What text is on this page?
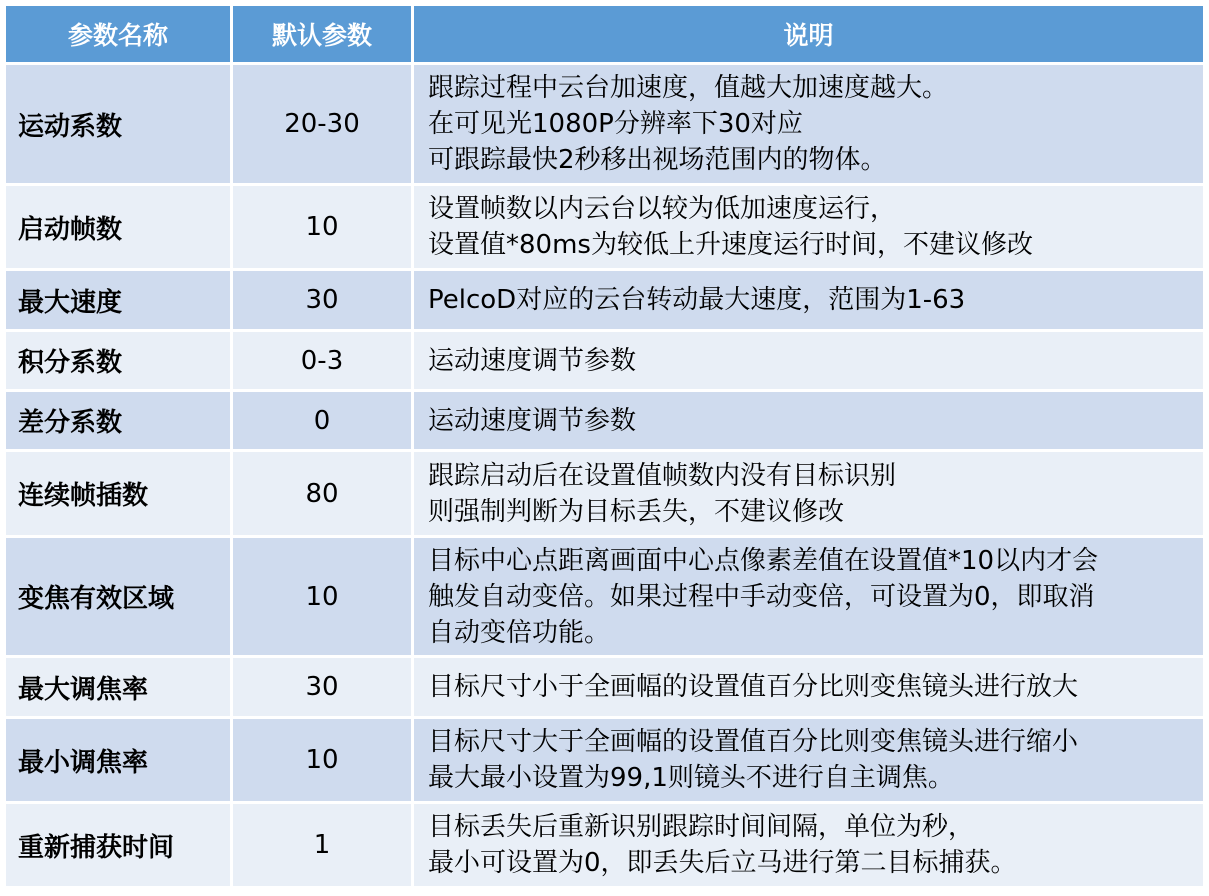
参数名称	默认参数	说明
运动系数	20-30	跟踪过程中云台加速度，值越大加速度越大。
在可见光1080P分辨率下30对应
可跟踪最快2秒移出视场范围内的物体。

启动帧数	10	设置帧数以内云台以较为低加速度运行，
设置值*80ms为较低上升速度运行时间，不建议修改

最大速度	30	PelcoD对应的云台转动最大速度，范围为1-63

积分系数	0-3	运动速度调节参数

差分系数	0	运动速度调节参数

连续帧插数	80	跟踪启动后在设置值帧数内没有目标识别
则强制判断为目标丢失，不建议修改

变焦有效区域	10	目标中心点距离画面中心点像素差值在设置值*10以内才会
触发自动变倍。如果过程中手动变倍，可设置为0，即取消
自动变倍功能。

最大调焦率	30	目标尺寸小于全画幅的设置值百分比则变焦镜头进行放大

最小调焦率	10	目标尺寸大于全画幅的设置值百分比则变焦镜头进行缩小
最大最小设置为99,1则镜头不进行自主调焦。

重新捕获时间	1	目标丢失后重新识别跟踪时间间隔，单位为秒，
最小可设置为0，即丢失后立马进行第二目标捕获。
